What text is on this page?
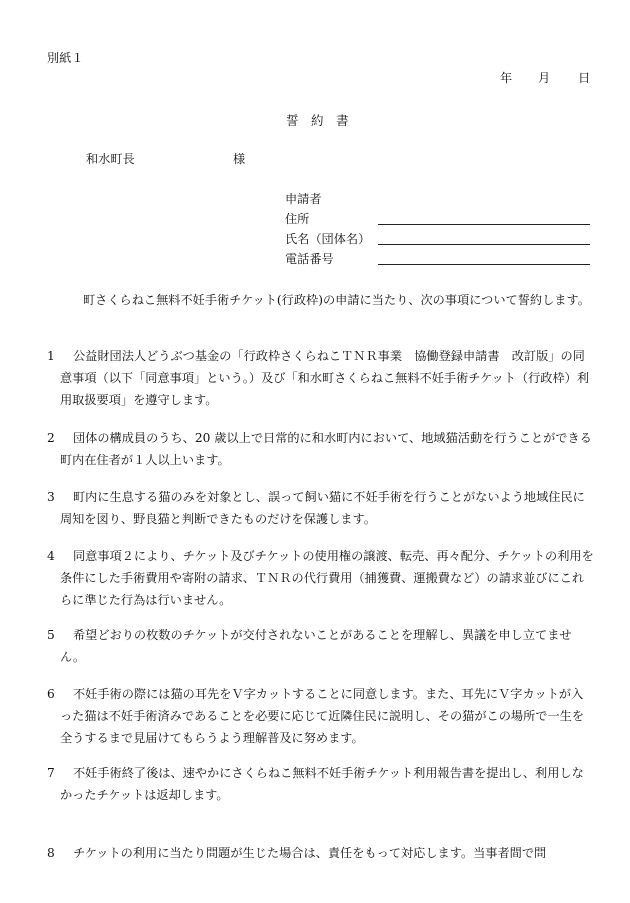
別紙１
年 月 日
誓　約　書
和水町長	様
申請者
住所
氏名（団体名）
電話番号
町さくらねこ無料不妊手術チケット(行政枠)の申請に当たり、次の事項について誓約します。
1	公益財団法人どうぶつ基金の「行政枠さくらねこＴＮＲ事業　協働登録申請書　改訂版」の同意事項（以下「同意事項」という。）及び「和水町さくらねこ無料不妊手術チケット（行政枠）利用取扱要項」を遵守します。
2	団体の構成員のうち、20 歳以上で日常的に和水町内において、地域猫活動を行うことができる町内在住者が１人以上います。
3	町内に生息する猫のみを対象とし、誤って飼い猫に不妊手術を行うことがないよう地域住民に周知を図り、野良猫と判断できたものだけを保護します。
4	同意事項２により、チケット及びチケットの使用権の譲渡、転売、再々配分、チケットの利用を条件にした手術費用や寄附の請求、ＴＮＲの代行費用（捕獲費、運搬費など）の請求並びにこれらに準じた行為は行いません。
5	希望どおりの枚数のチケットが交付されないことがあることを理解し、異議を申し立てません。
6	不妊手術の際には猫の耳先をＶ字カットすることに同意します。また、耳先にＶ字カットが入った猫は不妊手術済みであることを必要に応じて近隣住民に説明し、その猫がこの場所で一生を全うするまで見届けてもらうよう理解普及に努めます。
7	不妊手術終了後は、速やかにさくらねこ無料不妊手術チケット利用報告書を提出し、利用しなかったチケットは返却します。
8	チケットの利用に当たり問題が生じた場合は、責任をもって対応します。当事者間で問
